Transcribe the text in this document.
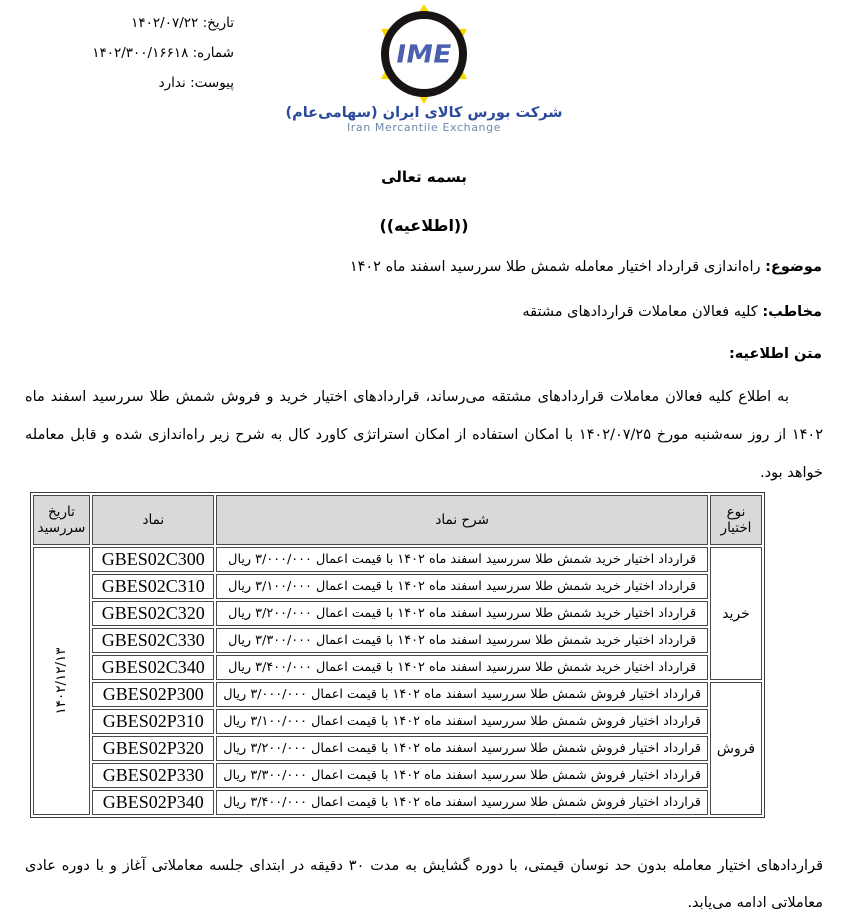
تاریخ: ۱۴۰۲/۰۷/۲۲
شماره: ۱۴۰۲/۳۰۰/۱۶۶۱۸
پیوست: ندارد
IME
شرکت بورس کالای ایران (سهامی‌عام)
Iran Mercantile Exchange
بسمه تعالی
((اطلاعیه))
موضوع: راه‌اندازی قرارداد اختیار معامله شمش طلا سررسید اسفند ماه ۱۴۰۲
مخاطب: کلیه فعالان معاملات قراردادهای مشتقه
متن اطلاعیه:
به اطلاع کلیه فعالان معاملات قراردادهای مشتقه می‌رساند، قراردادهای اختیار خرید و فروش شمش طلا سررسید اسفند ماه ۱۴۰۲ از روز سه‌شنبه مورخ ۱۴۰۲/۰۷/۲۵ با امکان استفاده از امکان استراتژی کاورد کال به شرح زیر راه‌اندازی شده و قابل معامله خواهد بود.
نوع اختیار	شرح نماد	نماد	تاریخ سررسید
خرید	قرارداد اختیار خرید شمش طلا سررسید اسفند ماه ۱۴۰۲ با قیمت اعمال ۳/۰۰۰/۰۰۰ ریال	GBES02C300	۱۴۰۲/۱۲/۱۳

	قرارداد اختیار خرید شمش طلا سررسید اسفند ماه ۱۴۰۲ با قیمت اعمال ۳/۱۰۰/۰۰۰ ریال	GBES02C310	
	قرارداد اختیار خرید شمش طلا سررسید اسفند ماه ۱۴۰۲ با قیمت اعمال ۳/۲۰۰/۰۰۰ ریال	GBES02C320	
	قرارداد اختیار خرید شمش طلا سررسید اسفند ماه ۱۴۰۲ با قیمت اعمال ۳/۳۰۰/۰۰۰ ریال	GBES02C330	
	قرارداد اختیار خرید شمش طلا سررسید اسفند ماه ۱۴۰۲ با قیمت اعمال ۳/۴۰۰/۰۰۰ ریال	GBES02C340	
فروش	قرارداد اختیار فروش شمش طلا سررسید اسفند ماه ۱۴۰۲ با قیمت اعمال ۳/۰۰۰/۰۰۰ ریال	GBES02P300	
	قرارداد اختیار فروش شمش طلا سررسید اسفند ماه ۱۴۰۲ با قیمت اعمال ۳/۱۰۰/۰۰۰ ریال	GBES02P310	
	قرارداد اختیار فروش شمش طلا سررسید اسفند ماه ۱۴۰۲ با قیمت اعمال ۳/۲۰۰/۰۰۰ ریال	GBES02P320	
	قرارداد اختیار فروش شمش طلا سررسید اسفند ماه ۱۴۰۲ با قیمت اعمال ۳/۳۰۰/۰۰۰ ریال	GBES02P330	
	قرارداد اختیار فروش شمش طلا سررسید اسفند ماه ۱۴۰۲ با قیمت اعمال ۳/۴۰۰/۰۰۰ ریال	GBES02P340	
قراردادهای اختیار معامله بدون حد نوسان قیمتی، با دوره گشایش به مدت ۳۰ دقیقه در ابتدای جلسه معاملاتی آغاز و با دوره عادی معاملاتی ادامه می‌یابد.
